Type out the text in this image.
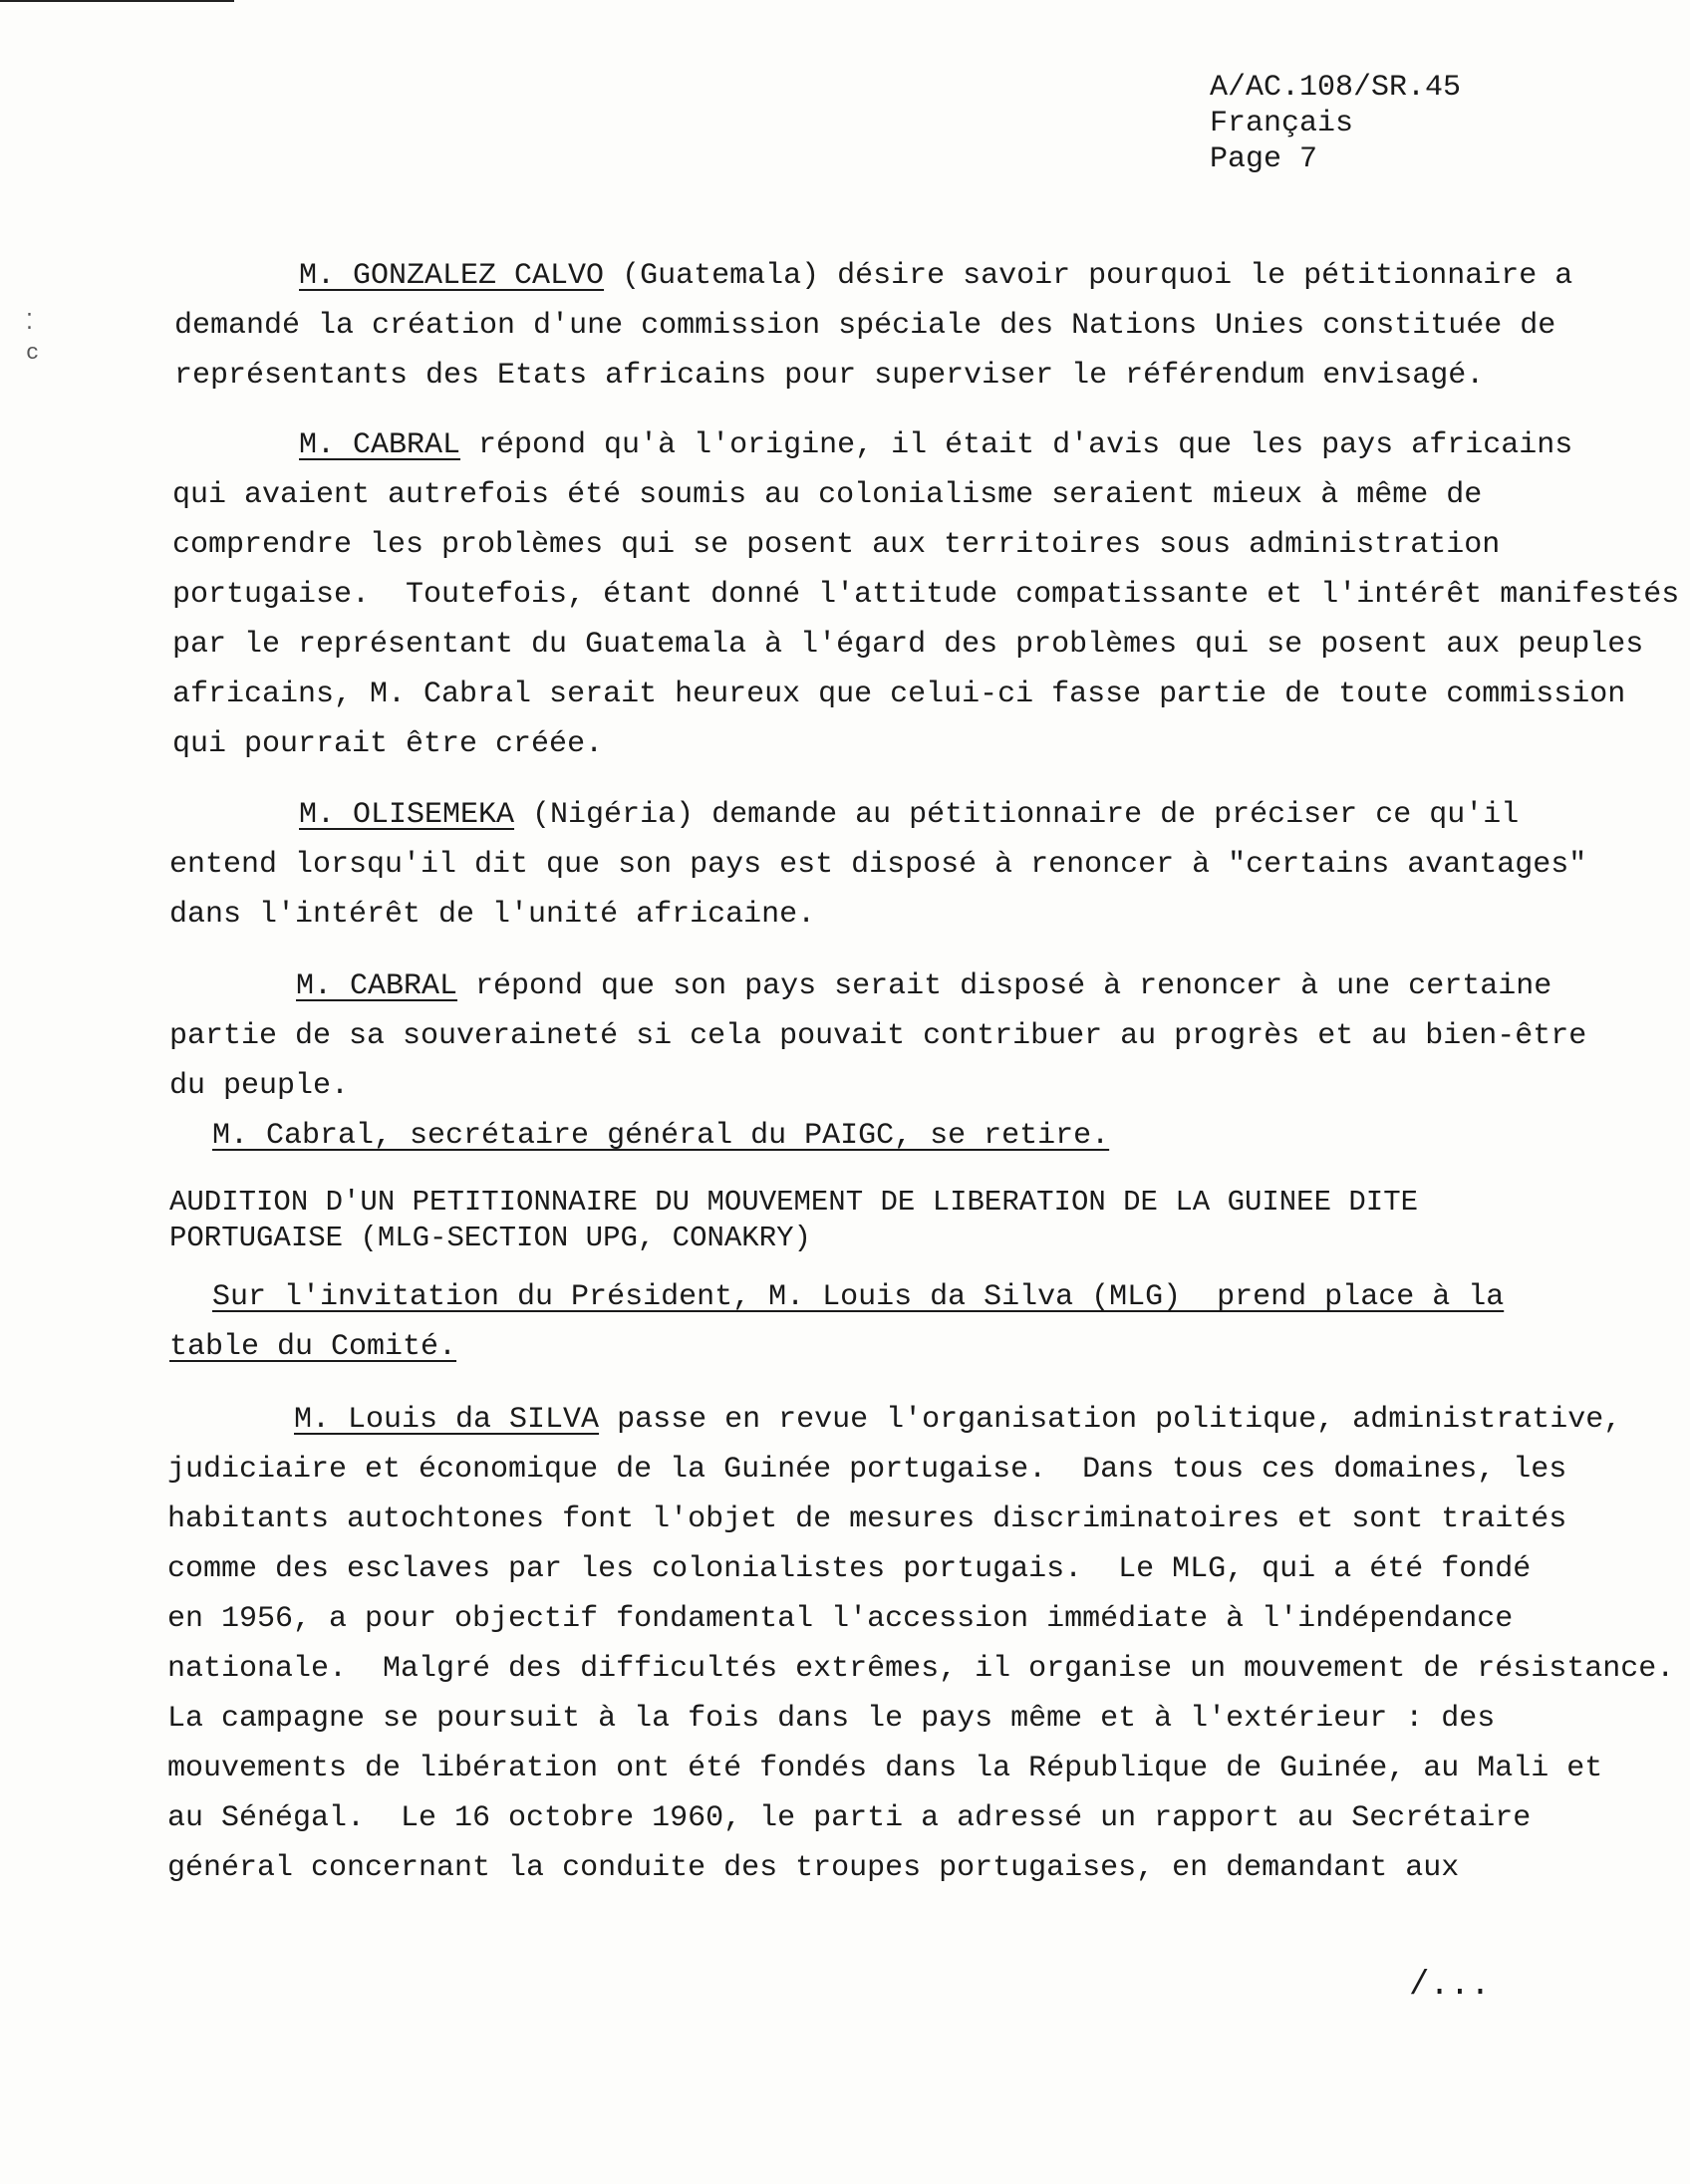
⁚
c
A/AC.108/SR.45
Français
Page 7
M. GONZALEZ CALVO (Guatemala) désire savoir pourquoi le pétitionnaire a
demandé la création d'une commission spéciale des Nations Unies constituée de
représentants des Etats africains pour superviser le référendum envisagé.
M. CABRAL répond qu'à l'origine, il était d'avis que les pays africains
qui avaient autrefois été soumis au colonialisme seraient mieux à même de
comprendre les problèmes qui se posent aux territoires sous administration
portugaise.  Toutefois, étant donné l'attitude compatissante et l'intérêt manifestés
par le représentant du Guatemala à l'égard des problèmes qui se posent aux peuples
africains, M. Cabral serait heureux que celui-ci fasse partie de toute commission
qui pourrait être créée.
M. OLISEMEKA (Nigéria) demande au pétitionnaire de préciser ce qu'il
entend lorsqu'il dit que son pays est disposé à renoncer à "certains avantages"
dans l'intérêt de l'unité africaine.
M. CABRAL répond que son pays serait disposé à renoncer à une certaine
partie de sa souveraineté si cela pouvait contribuer au progrès et au bien-être
du peuple.
M. Cabral, secrétaire général du PAIGC, se retire.
AUDITION D'UN PETITIONNAIRE DU MOUVEMENT DE LIBERATION DE LA GUINEE DITE
PORTUGAISE (MLG-SECTION UPG, CONAKRY)
Sur l'invitation du Président, M. Louis da Silva (MLG)  prend place à la
table du Comité.
M. Louis da SILVA passe en revue l'organisation politique, administrative,
judiciaire et économique de la Guinée portugaise.  Dans tous ces domaines, les
habitants autochtones font l'objet de mesures discriminatoires et sont traités
comme des esclaves par les colonialistes portugais.  Le MLG, qui a été fondé
en 1956, a pour objectif fondamental l'accession immédiate à l'indépendance
nationale.  Malgré des difficultés extrêmes, il organise un mouvement de résistance.
La campagne se poursuit à la fois dans le pays même et à l'extérieur : des
mouvements de libération ont été fondés dans la République de Guinée, au Mali et
au Sénégal.  Le 16 octobre 1960, le parti a adressé un rapport au Secrétaire
général concernant la conduite des troupes portugaises, en demandant aux
/...
